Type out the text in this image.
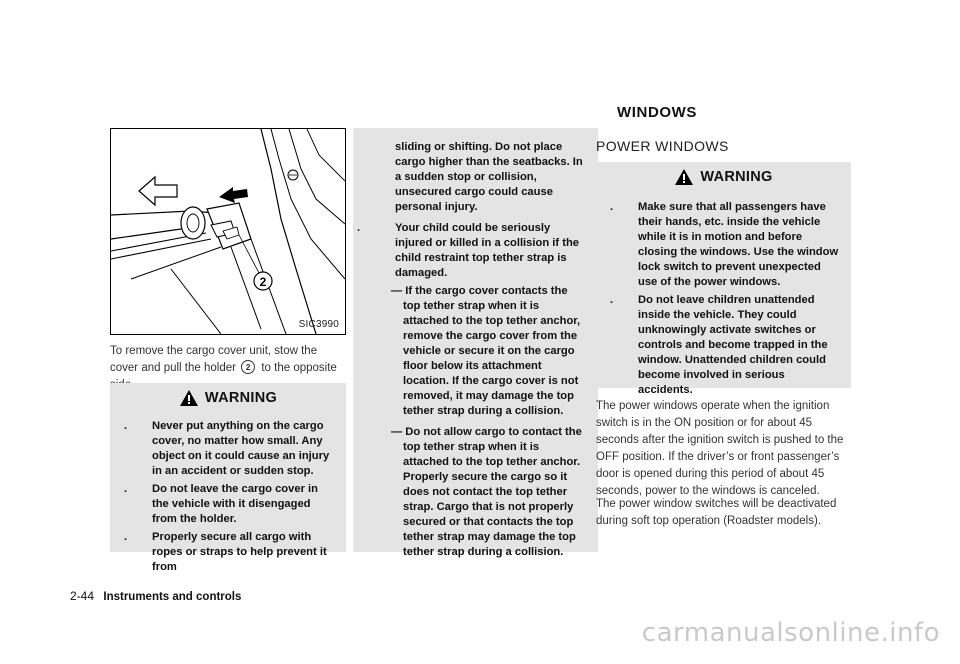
2
SIC3990
To remove the cargo cover unit, stow the cover and pull the holder 2 to the opposite
WARNING
. Never put anything on the cargo cover, no matter how small. Any object on it could cause an injury in an accident or sudden stop.
. Do not leave the cargo cover in the vehicle with it disengaged from the holder.
. Properly secure all cargo with ropes or straps to help prevent it from
sliding or shifting. Do not place cargo higher than the seatbacks. In a sudden stop or collision, unsecured cargo could cause personal injury.
.	Your child could be seriously injured or killed in a collision if the child restraint top tether strap is damaged.
— If the cargo cover contacts the top tether strap when it is attached to the top tether anchor, remove the cargo cover from the vehicle or secure it on the cargo floor below its attachment location. If the cargo cover is not removed, it may damage the top tether strap during a collision.
— Do not allow cargo to contact the top tether strap when it is attached to the top tether anchor. Properly secure the cargo so it does not contact the top tether strap. Cargo that is not properly secured or that contacts the top tether strap may damage the top tether strap during a collision.
WINDOWS
POWER WINDOWS
WARNING
. Make sure that all passengers have their hands, etc. inside the vehicle while it is in motion and before closing the windows. Use the window lock switch to prevent unexpected use of the power windows.
. Do not leave children unattended inside the vehicle. They could unknowingly activate switches or controls and become trapped in the window. Unattended children could become involved in serious accidents.
The power windows operate when the ignition switch is in the ON position or for about 45 seconds after the ignition switch is pushed to the OFF position. If the driver’s or front passenger’s door is opened during this period of about 45 seconds, power to the windows is canceled.
The power window switches will be deactivated during soft top operation (Roadster models).
2-44 Instruments and controls
carmanualsonline.info
